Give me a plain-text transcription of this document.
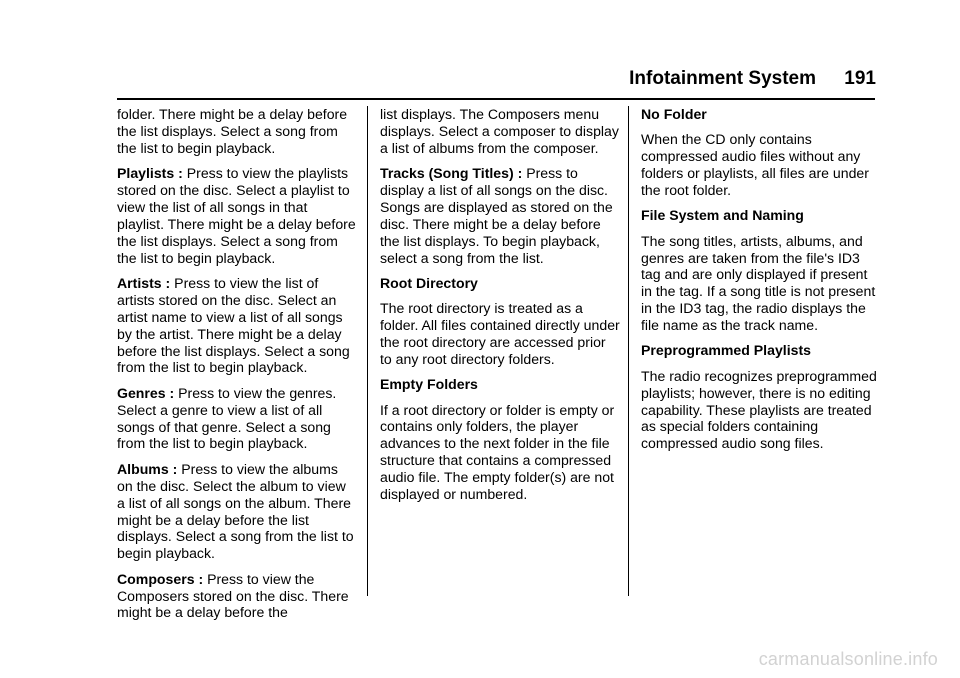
Infotainment System 191

folder. There might be a delay before the list displays. Select a song from the list to begin playback.

Playlists : Press to view the playlists stored on the disc. Select a playlist to view the list of all songs in that playlist. There might be a delay before the list displays. Select a song from the list to begin playback.

Artists : Press to view the list of artists stored on the disc. Select an artist name to view a list of all songs by the artist. There might be a delay before the list displays. Select a song from the list to begin playback.

Genres : Press to view the genres. Select a genre to view a list of all songs of that genre. Select a song from the list to begin playback.

Albums : Press to view the albums on the disc. Select the album to view a list of all songs on the album. There might be a delay before the list displays. Select a song from the list to begin playback.

Composers : Press to view the Composers stored on the disc. There might be a delay before the

list displays. The Composers menu displays. Select a composer to display a list of albums from the composer.

Tracks (Song Titles) : Press to display a list of all songs on the disc. Songs are displayed as stored on the disc. There might be a delay before the list displays. To begin playback, select a song from the list.

Root Directory

The root directory is treated as a folder. All files contained directly under the root directory are accessed prior to any root directory folders.

Empty Folders

If a root directory or folder is empty or contains only folders, the player advances to the next folder in the file structure that contains a compressed audio file. The empty folder(s) are not displayed or numbered.

No Folder

When the CD only contains compressed audio files without any folders or playlists, all files are under the root folder.

File System and Naming

The song titles, artists, albums, and genres are taken from the file's ID3 tag and are only displayed if present in the tag. If a song title is not present in the ID3 tag, the radio displays the file name as the track name.

Preprogrammed Playlists

The radio recognizes preprogrammed playlists; however, there is no editing capability. These playlists are treated as special folders containing compressed audio song files.

carmanualsonline.info
